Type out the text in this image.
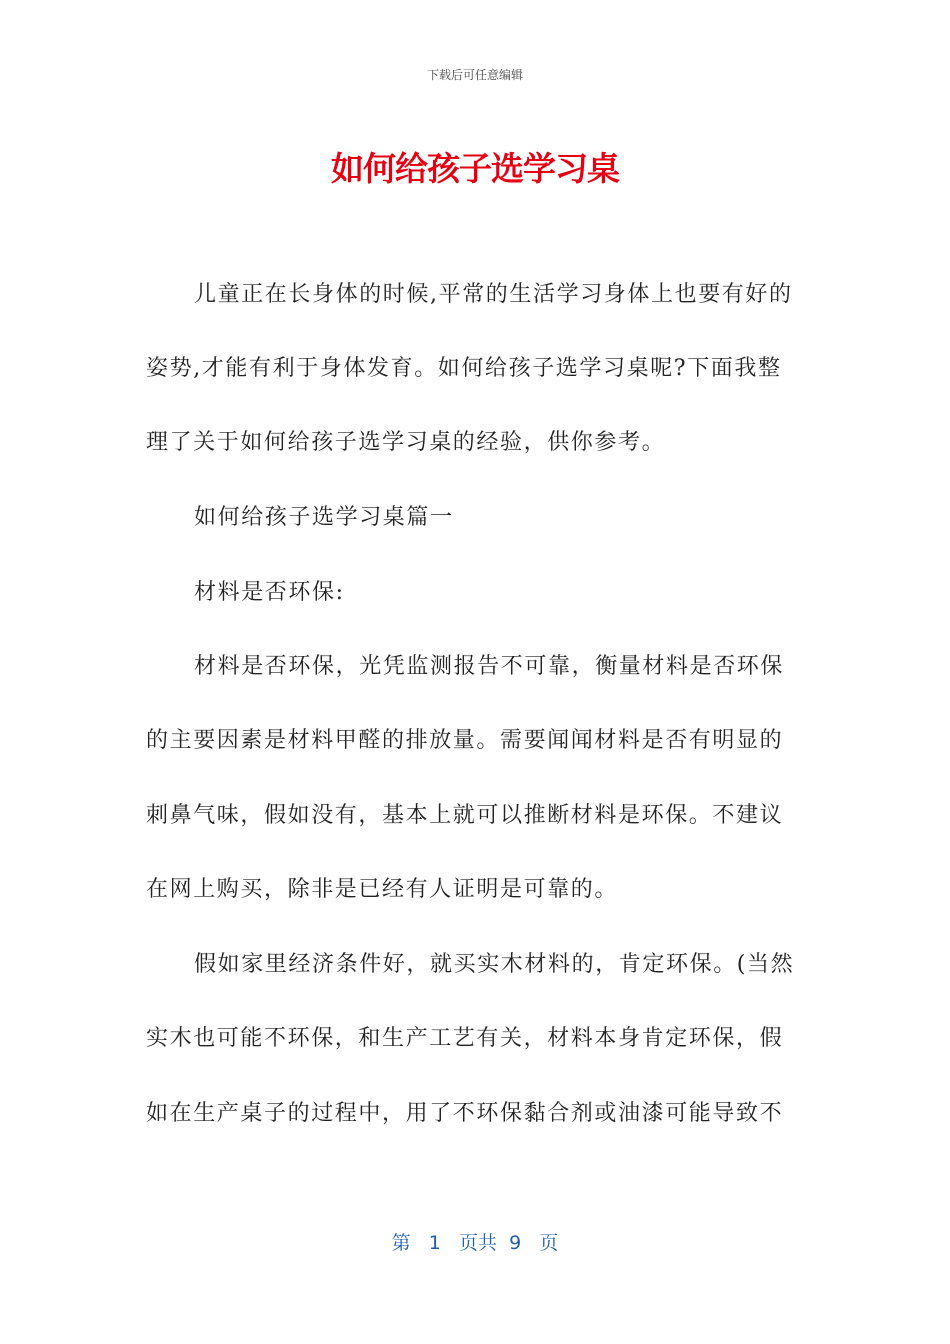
下载后可任意编辑
如何给孩子选学习桌
儿童正在长身体的时候,平常的生活学习身体上也要有好的
姿势,才能有利于身体发育。如何给孩子选学习桌呢?下面我整
理了关于如何给孩子选学习桌的经验，供你参考。
如何给孩子选学习桌篇一
材料是否环保:
材料是否环保，光凭监测报告不可靠，衡量材料是否环保
的主要因素是材料甲醛的排放量。需要闻闻材料是否有明显的
刺鼻气味，假如没有，基本上就可以推断材料是环保。不建议
在网上购买，除非是已经有人证明是可靠的。
假如家里经济条件好，就买实木材料的，肯定环保。(当然
实木也可能不环保，和生产工艺有关，材料本身肯定环保，假
如在生产桌子的过程中，用了不环保黏合剂或油漆可能导致不
第 1 页共 9 页
